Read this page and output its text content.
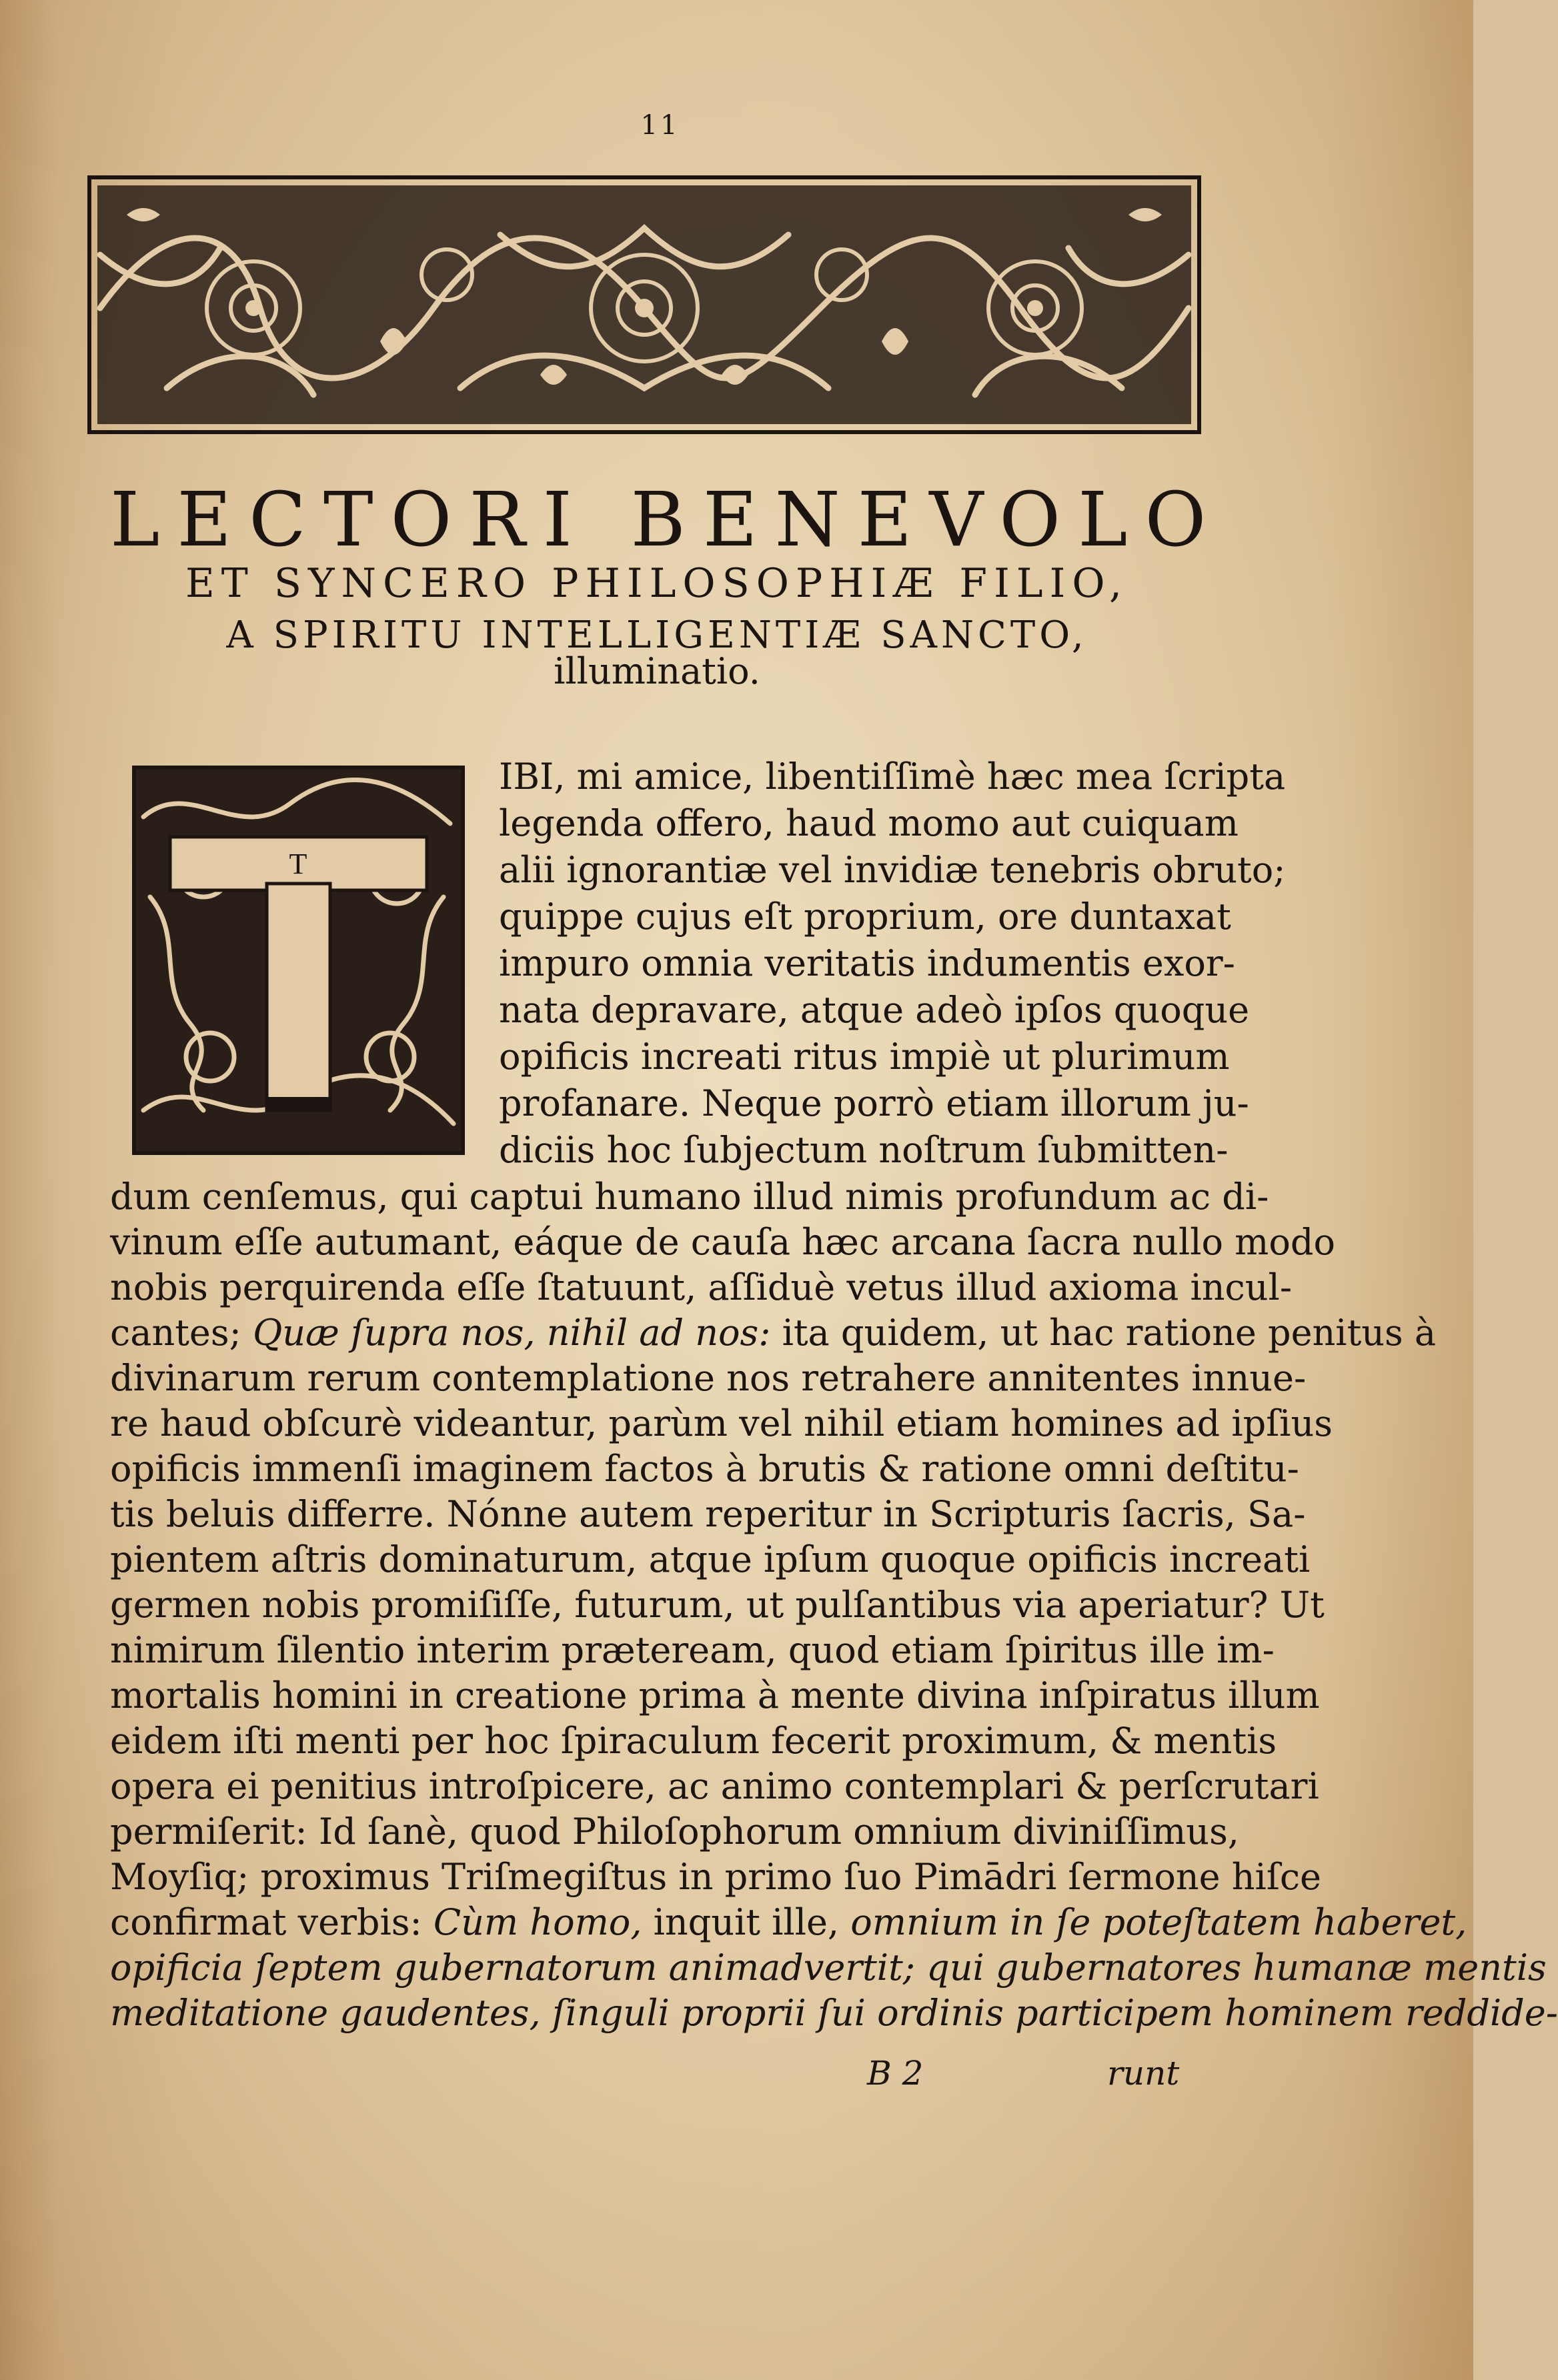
11
LECTORI BENEVOLO
ET SYNCERO PHILOSOPHIÆ FILIO,
A SPIRITU INTELLIGENTIÆ SANCTO,
illuminatio.
T
IBI, mi amice, libentiſſimè hæc mea ſcripta
legenda offero, haud momo aut cuiquam
alii ignorantiæ vel invidiæ tenebris obruto;
quippe cujus eſt proprium, ore duntaxat
impuro omnia veritatis indumentis exor-
nata depravare, atque adeò ipſos quoque
opificis increati ritus impiè ut plurimum
profanare. Neque porrò etiam illorum ju-
diciis hoc ſubjectum noſtrum ſubmitten-
dum cenſemus, qui captui humano illud nimis profundum ac di-
vinum eſſe autumant, eáque de cauſa hæc arcana ſacra nullo modo
nobis perquirenda eſſe ſtatuunt, aſſiduè vetus illud axioma incul-
cantes; Quæ ſupra nos, nihil ad nos: ita quidem, ut hac ratione penitus à
divinarum rerum contemplatione nos retrahere annitentes innue-
re haud obſcurè videantur, parùm vel nihil etiam homines ad ipſius
opificis immenſi imaginem factos à brutis & ratione omni deſtitu-
tis beluis differre. Nónne autem reperitur in Scripturis ſacris, Sa-
pientem aſtris dominaturum, atque ipſum quoque opificis increati
germen nobis promiſiſſe, futurum, ut pulſantibus via aperiatur? Ut
nimirum ſilentio interim præteream, quod etiam ſpiritus ille im-
mortalis homini in creatione prima à mente divina inſpiratus illum
eidem iſti menti per hoc ſpiraculum fecerit proximum, & mentis
opera ei penitius introſpicere, ac animo contemplari & perſcrutari
permiſerit: Id ſanè, quod Philoſophorum omnium diviniſſimus,
Moyſiq; proximus Triſmegiſtus in primo ſuo Pimādri ſermone hiſce
confirmat verbis: Cùm homo, inquit ille, omnium in ſe poteſtatem haberet,
opificia ſeptem gubernatorum animadvertit; qui gubernatores humanæ mentis
meditatione gaudentes, ſinguli proprii ſui ordinis participem hominem reddide-
B 2	runt
